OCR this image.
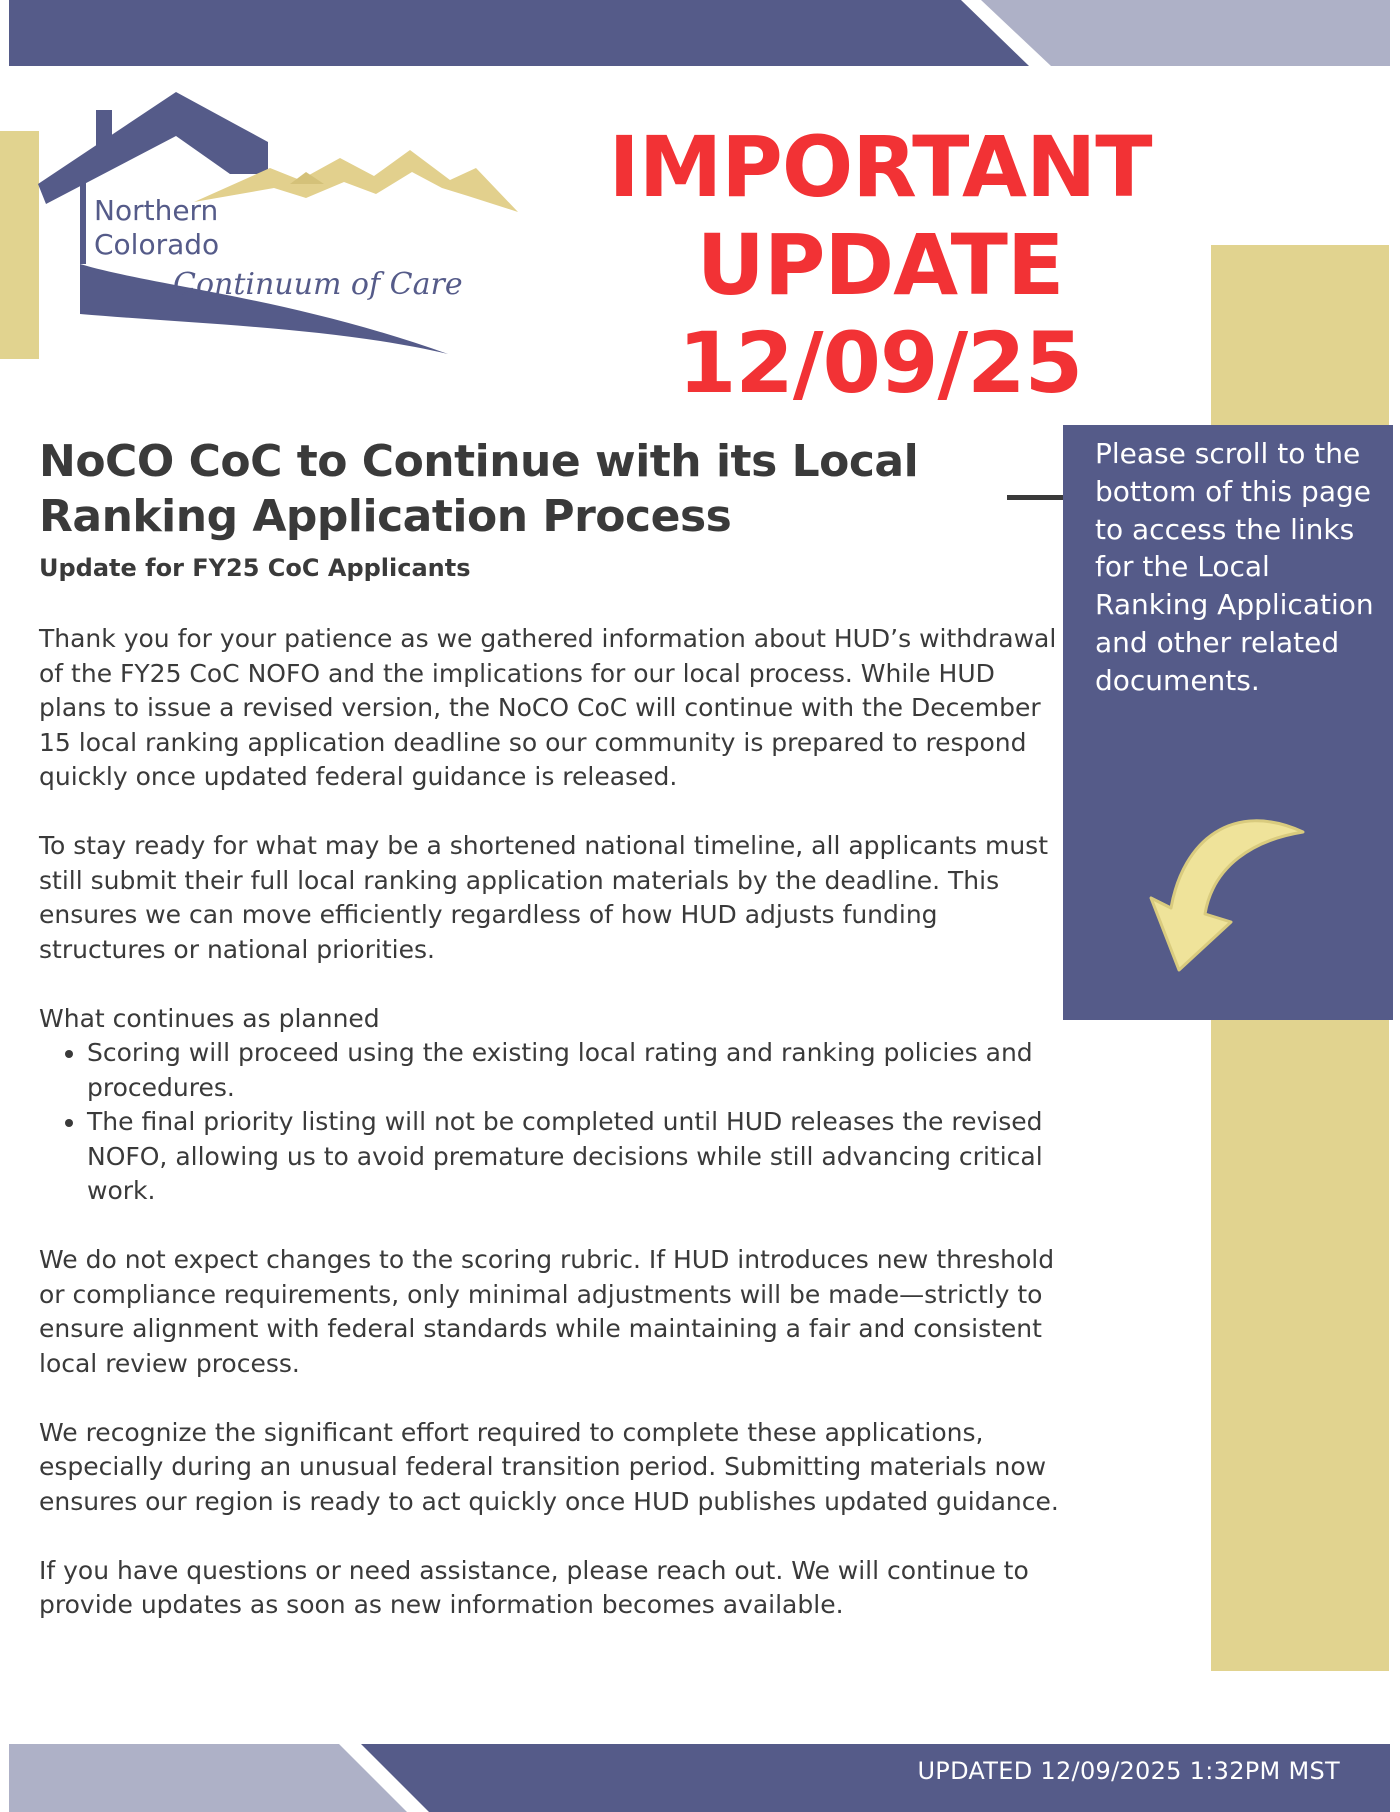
Northern
Colorado
Continuum of Care
IMPORTANT
UPDATE
12/09/25
NoCO CoC to Continue with its Local Ranking Application Process
Update for FY25 CoC Applicants

Thank you for your patience as we gathered information about HUD’s withdrawal of the FY25 CoC NOFO and the implications for our local process. While HUD plans to issue a revised version, the NoCO CoC will continue with the December 15 local ranking application deadline so our community is prepared to respond quickly once updated federal guidance is released.

To stay ready for what may be a shortened national timeline, all applicants must still submit their full local ranking application materials by the deadline. This ensures we can move efficiently regardless of how HUD adjusts funding structures or national priorities.

What continues as planned
• Scoring will proceed using the existing local rating and ranking policies and procedures.
• The final priority listing will not be completed until HUD releases the revised NOFO, allowing us to avoid premature decisions while still advancing critical work.

We do not expect changes to the scoring rubric. If HUD introduces new threshold or compliance requirements, only minimal adjustments will be made—strictly to ensure alignment with federal standards while maintaining a fair and consistent local review process.

We recognize the significant effort required to complete these applications, especially during an unusual federal transition period. Submitting materials now ensures our region is ready to act quickly once HUD publishes updated guidance.

If you have questions or need assistance, please reach out. We will continue to provide updates as soon as new information becomes available.

Please scroll to the bottom of this page to access the links for the Local Ranking Application and other related documents.

UPDATED 12/09/2025 1:32PM MST
